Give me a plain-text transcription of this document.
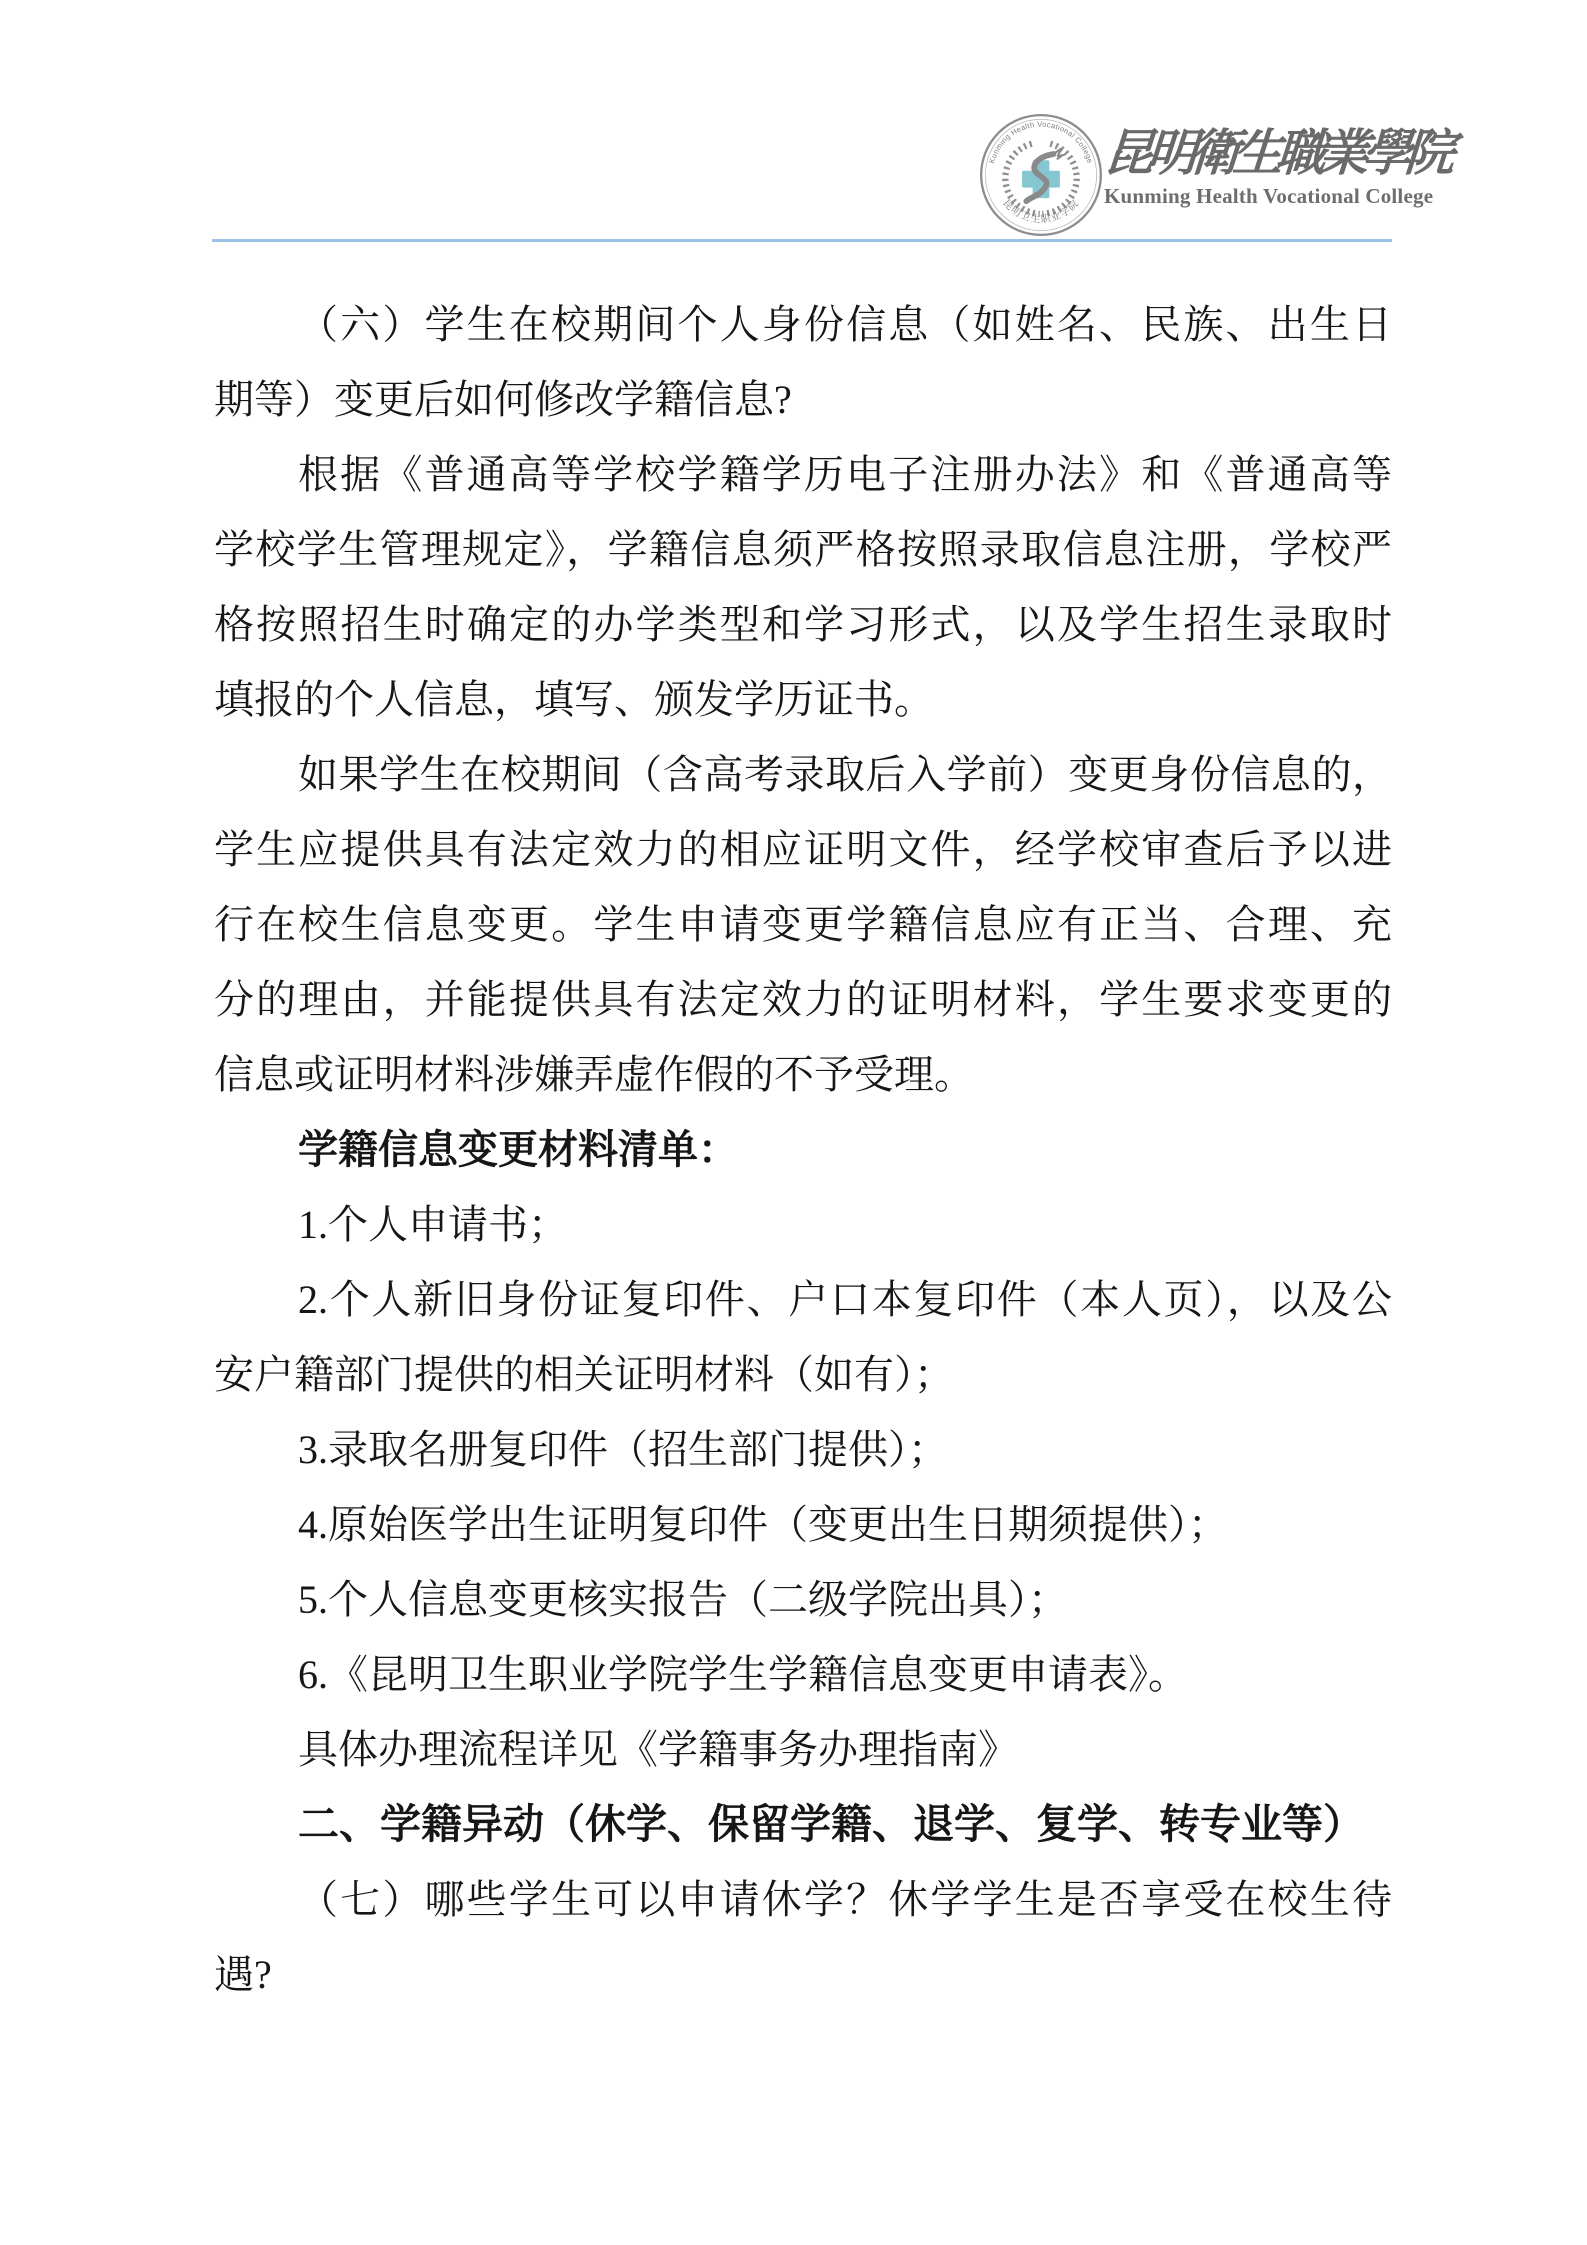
Kunming Health Vocational College
昆明卫生职业学院
昆明衛生職業學院
Kunming Health Vocational College
（六）学生在校期间个人身份信息（如姓名、民族、出生日
期等）变更后如何修改学籍信息?
根据《普通高等学校学籍学历电子注册办法》和《普通高等
学校学生管理规定》，学籍信息须严格按照录取信息注册，学校严
格按照招生时确定的办学类型和学习形式，以及学生招生录取时
填报的个人信息，填写、颁发学历证书。
如果学生在校期间（含高考录取后入学前）变更身份信息的，
学生应提供具有法定效力的相应证明文件，经学校审查后予以进
行在校生信息变更。学生申请变更学籍信息应有正当、合理、充
分的理由，并能提供具有法定效力的证明材料，学生要求变更的
信息或证明材料涉嫌弄虚作假的不予受理。
学籍信息变更材料清单：
1.个人申请书；
2.个人新旧身份证复印件、户口本复印件（本人页），以及公
安户籍部门提供的相关证明材料（如有）；
3.录取名册复印件（招生部门提供）；
4.原始医学出生证明复印件（变更出生日期须提供）；
5.个人信息变更核实报告（二级学院出具）；
6.《昆明卫生职业学院学生学籍信息变更申请表》。
具体办理流程详见《学籍事务办理指南》
二、学籍异动（休学、保留学籍、退学、复学、转专业等）
（七）哪些学生可以申请休学？休学学生是否享受在校生待
遇?
